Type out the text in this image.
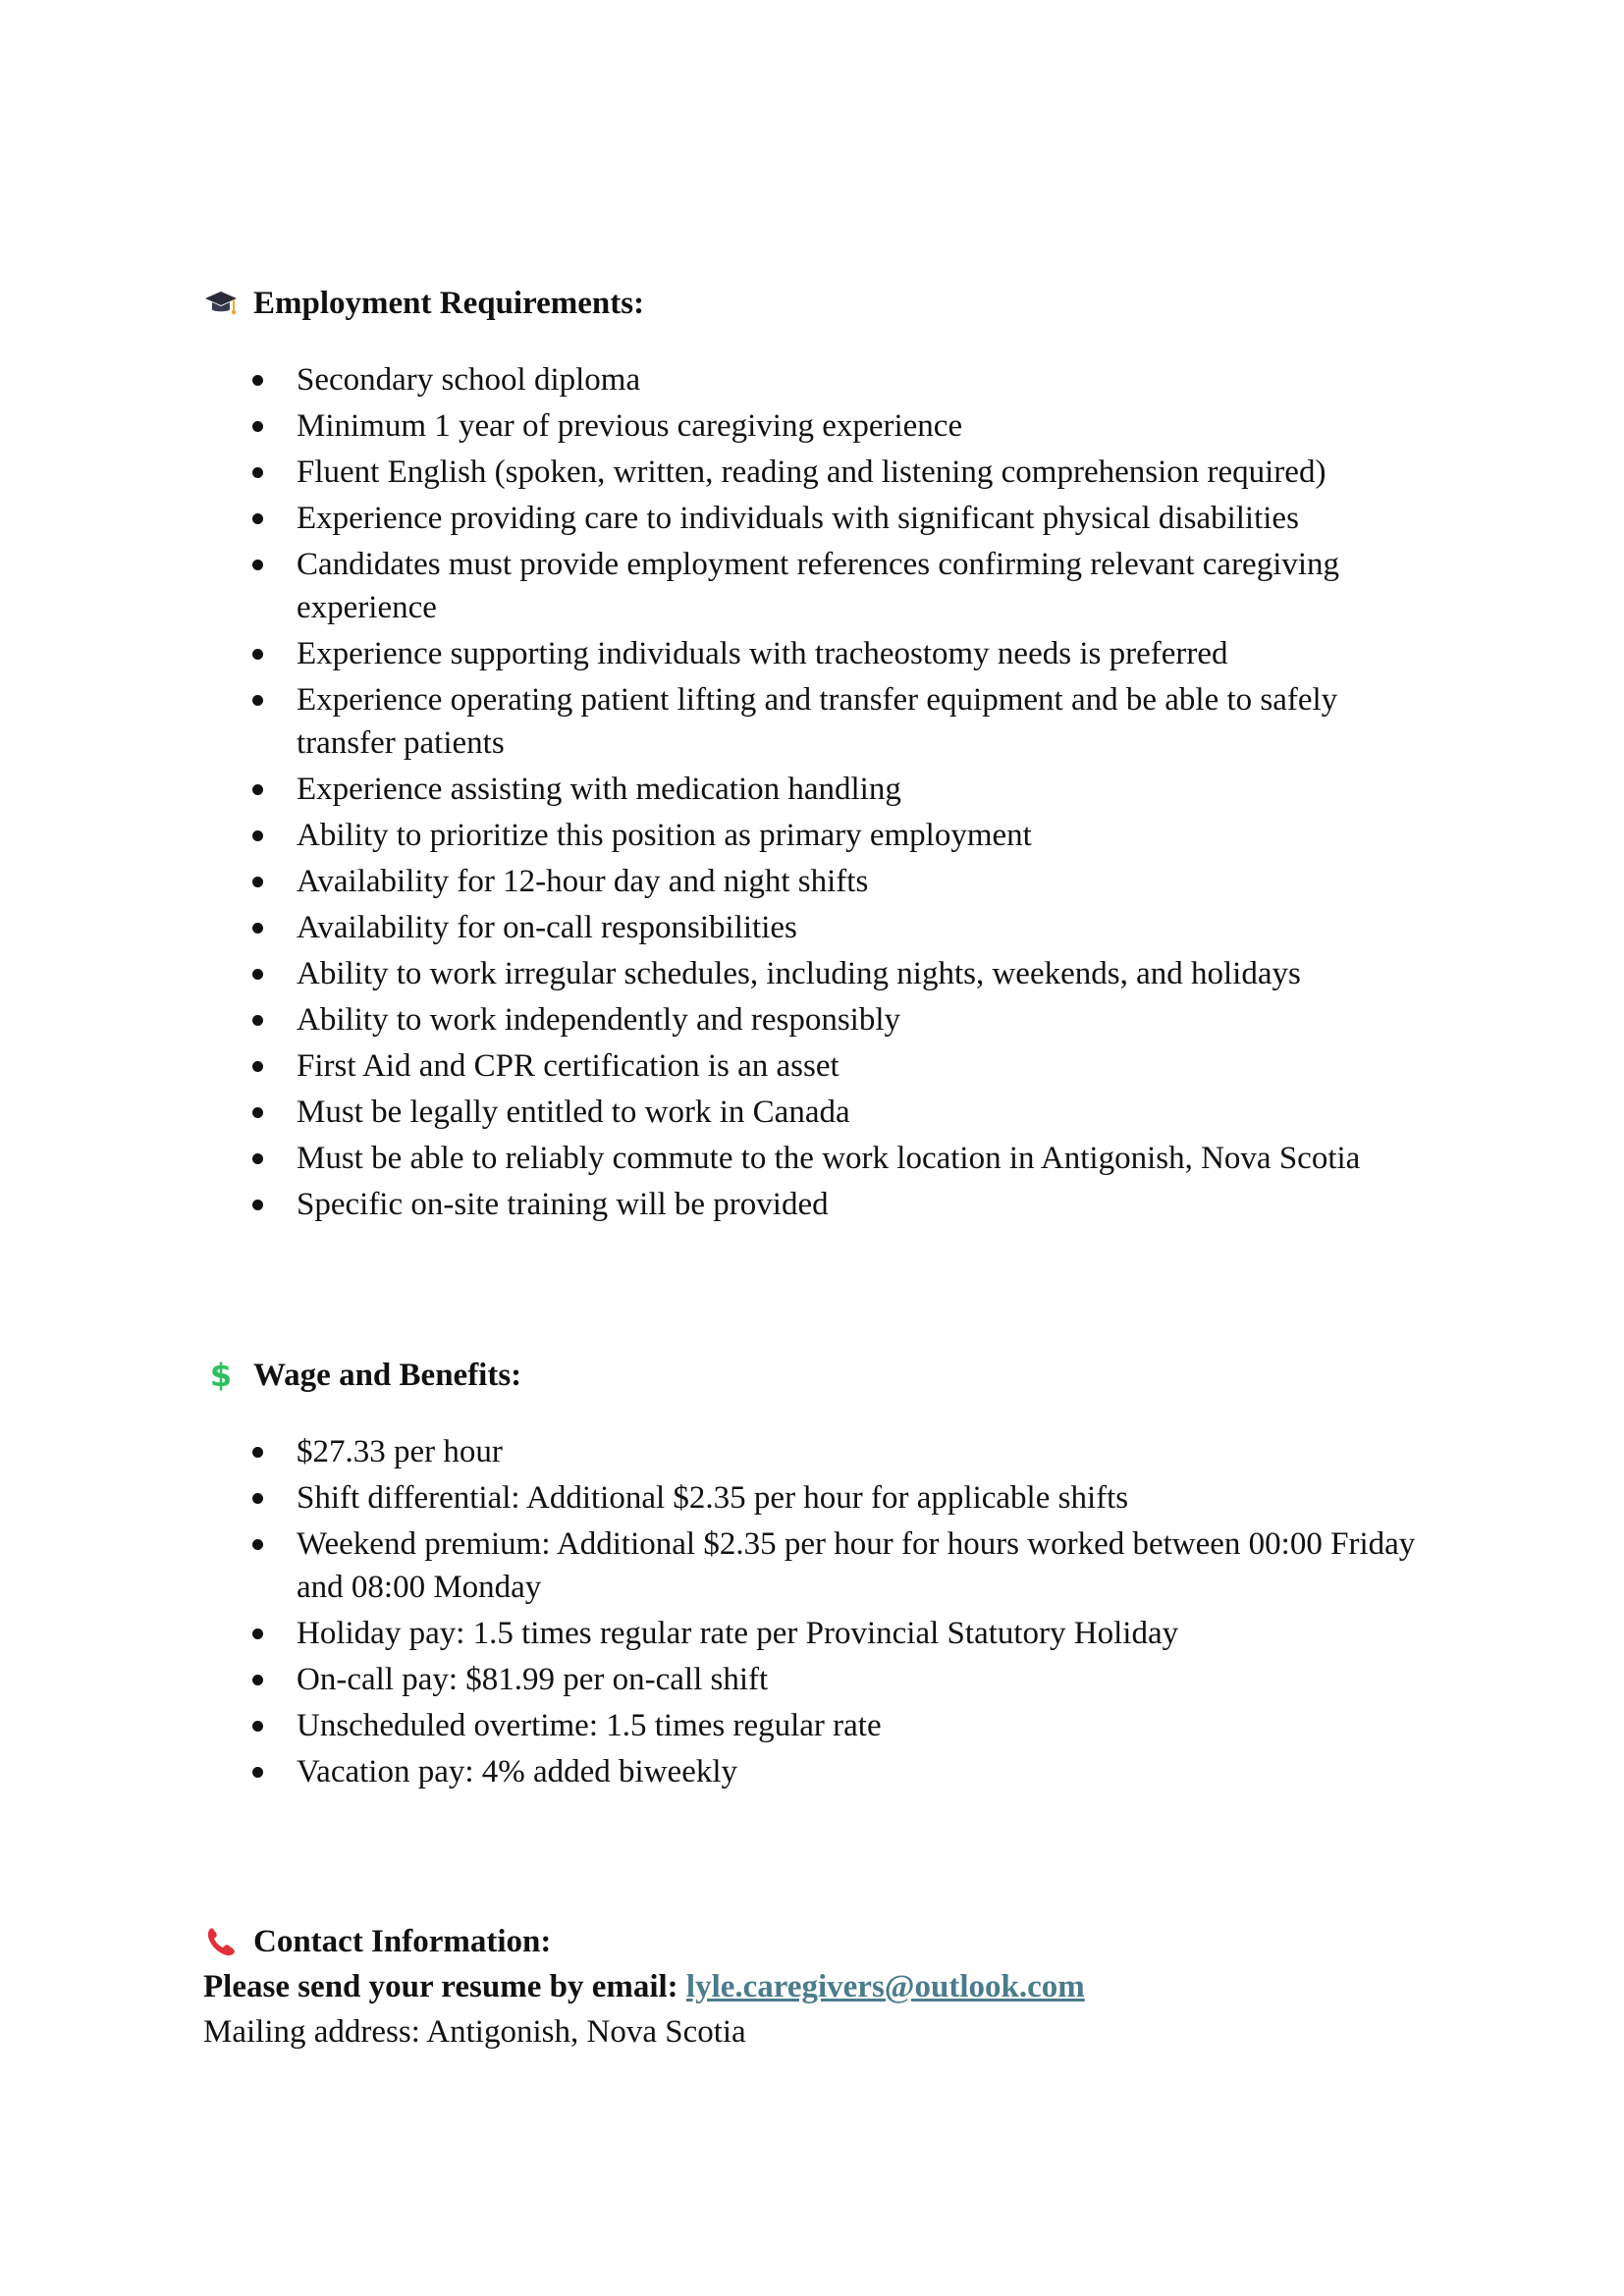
Employment Requirements:
Secondary school diploma
Minimum 1 year of previous caregiving experience
Fluent English (spoken, written, reading and listening comprehension required)
Experience providing care to individuals with significant physical disabilities
Candidates must provide employment references confirming relevant caregiving experience
Experience supporting individuals with tracheostomy needs is preferred
Experience operating patient lifting and transfer equipment and be able to safely transfer patients
Experience assisting with medication handling
Ability to prioritize this position as primary employment
Availability for 12-hour day and night shifts
Availability for on-call responsibilities
Ability to work irregular schedules, including nights, weekends, and holidays
Ability to work independently and responsibly
First Aid and CPR certification is an asset
Must be legally entitled to work in Canada
Must be able to reliably commute to the work location in Antigonish, Nova Scotia
Specific on-site training will be provided
$ Wage and Benefits:
$27.33 per hour
Shift differential: Additional $2.35 per hour for applicable shifts
Weekend premium: Additional $2.35 per hour for hours worked between 00:00 Friday and 08:00 Monday
Holiday pay: 1.5 times regular rate per Provincial Statutory Holiday
On-call pay: $81.99 per on-call shift
Unscheduled overtime: 1.5 times regular rate
Vacation pay: 4% added biweekly
Contact Information:
Please send your resume by email: lyle.caregivers@outlook.com
Mailing address: Antigonish, Nova Scotia
